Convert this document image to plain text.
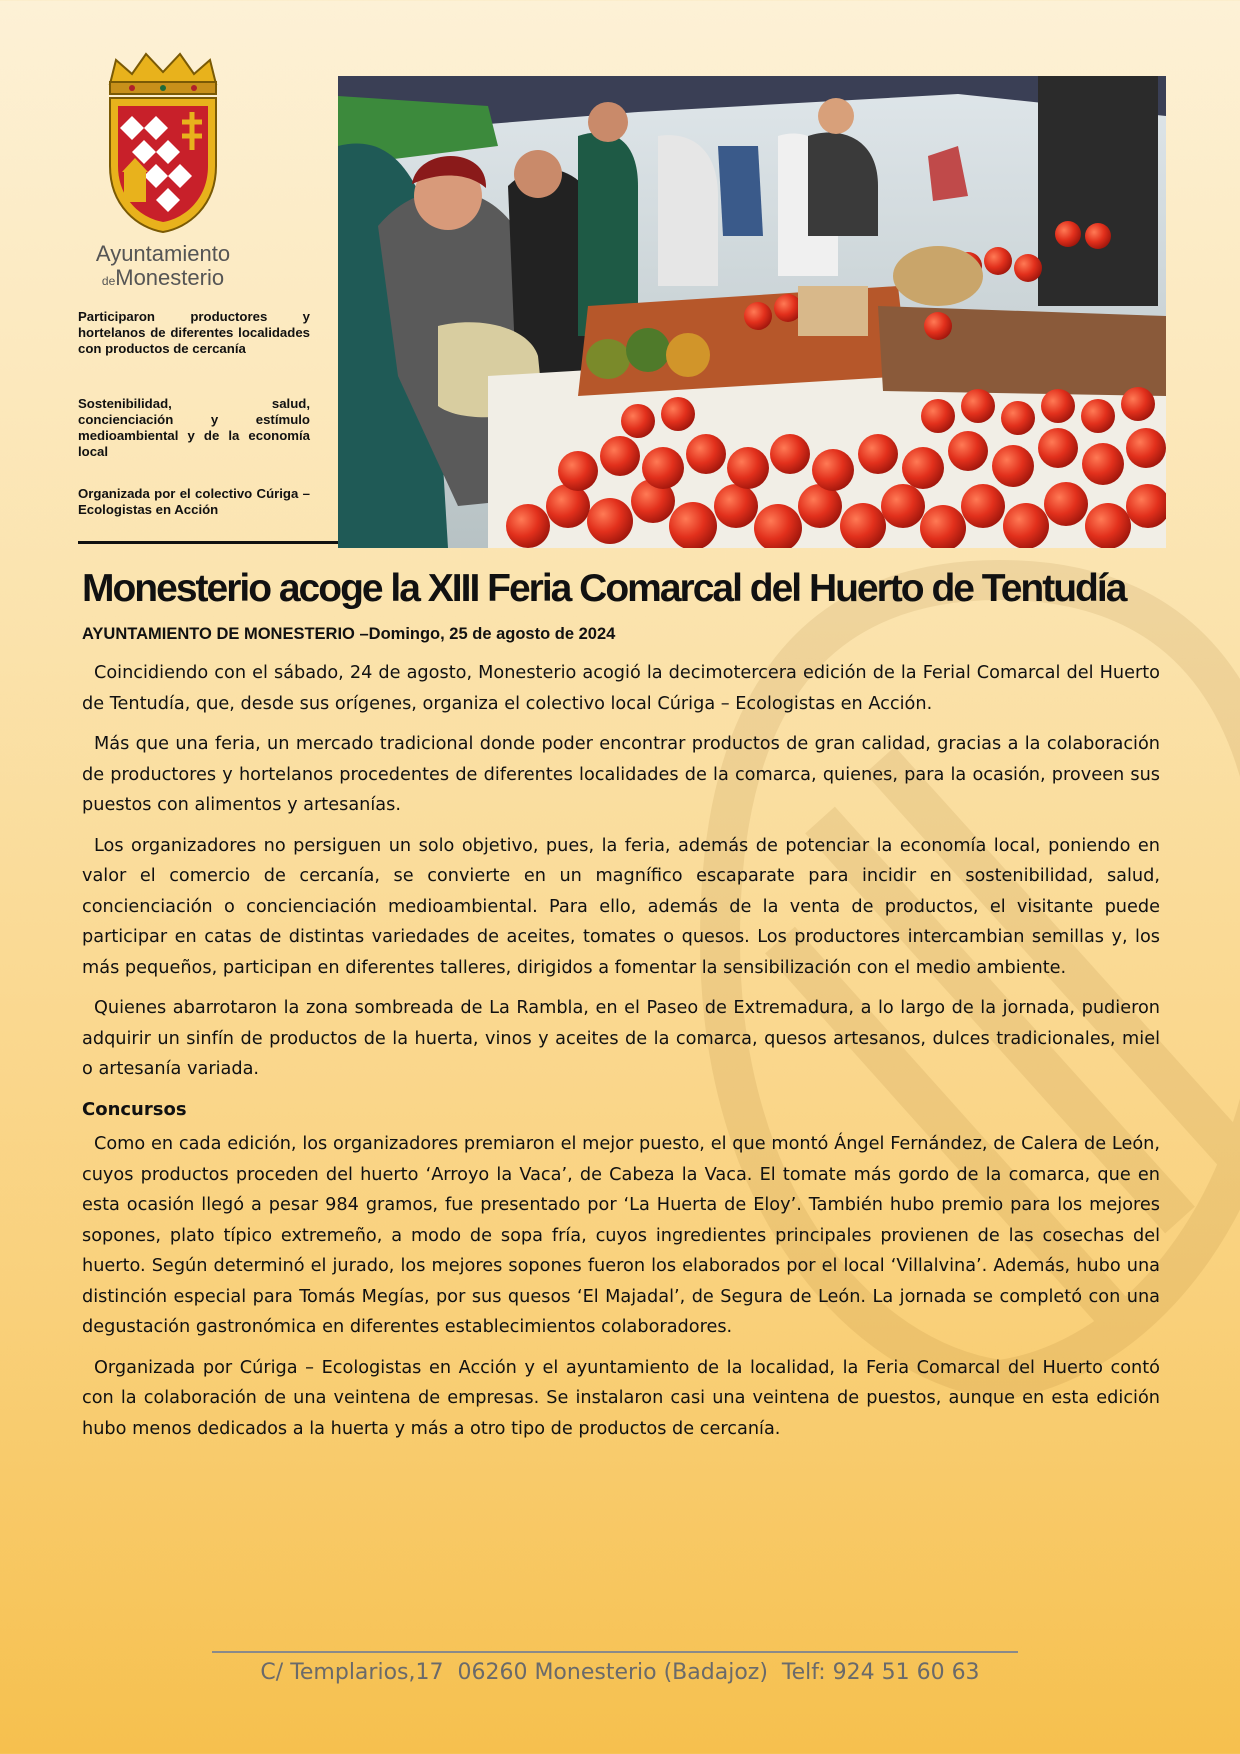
Ayuntamiento
deMonesterio
Participaron productores y hortelanos de diferentes localidades con productos de cercanía
Sostenibilidad, salud, concienciación y estímulo medioambiental y de la economía local
Organizada por el colectivo Cúriga – Ecologistas en Acción
Monesterio acoge la XIII Feria Comarcal del Huerto de Tentudía
AYUNTAMIENTO DE MONESTERIO –Domingo, 25 de agosto de 2024

Coincidiendo con el sábado, 24 de agosto, Monesterio acogió la decimotercera edición de la Ferial Comarcal del Huerto de Tentudía, que, desde sus orígenes, organiza el colectivo local Cúriga – Ecologistas en Acción.

Más que una feria, un mercado tradicional donde poder encontrar productos de gran calidad, gracias a la colaboración de productores y hortelanos procedentes de diferentes localidades de la comarca, quienes, para la ocasión, proveen sus puestos con alimentos y artesanías.

Los organizadores no persiguen un solo objetivo, pues, la feria, además de potenciar la economía local, poniendo en valor el comercio de cercanía, se convierte en un magnífico escaparate para incidir en sostenibilidad, salud, concienciación o concienciación medioambiental. Para ello, además de la venta de productos, el visitante puede participar en catas de distintas variedades de aceites, tomates o quesos. Los productores intercambian semillas y, los más pequeños, participan en diferentes talleres, dirigidos a fomentar la sensibilización con el medio ambiente.

Quienes abarrotaron la zona sombreada de La Rambla, en el Paseo de Extremadura, a lo largo de la jornada, pudieron adquirir un sinfín de productos de la huerta, vinos y aceites de la comarca, quesos artesanos, dulces tradicionales, miel o artesanía variada.

Concursos

Como en cada edición, los organizadores premiaron el mejor puesto, el que montó Ángel Fernández, de Calera de León, cuyos productos proceden del huerto ‘Arroyo la Vaca’, de Cabeza la Vaca. El tomate más gordo de la comarca, que en esta ocasión llegó a pesar 984 gramos, fue presentado por ‘La Huerta de Eloy’. También hubo premio para los mejores sopones, plato típico extremeño, a modo de sopa fría, cuyos ingredientes principales provienen de las cosechas del huerto. Según determinó el jurado, los mejores sopones fueron los elaborados por el local ‘Villalvina’. Además, hubo una distinción especial para Tomás Megías, por sus quesos ‘El Majadal’, de Segura de León. La jornada se completó con una degustación gastronómica en diferentes establecimientos colaboradores.

Organizada por Cúriga – Ecologistas en Acción y el ayuntamiento de la localidad, la Feria Comarcal del Huerto contó con la colaboración de una veintena de empresas. Se instalaron casi una veintena de puestos, aunque en esta edición hubo menos dedicados a la huerta y más a otro tipo de productos de cercanía.

C/ Templarios,17  06260 Monesterio (Badajoz)  Telf: 924 51 60 63
